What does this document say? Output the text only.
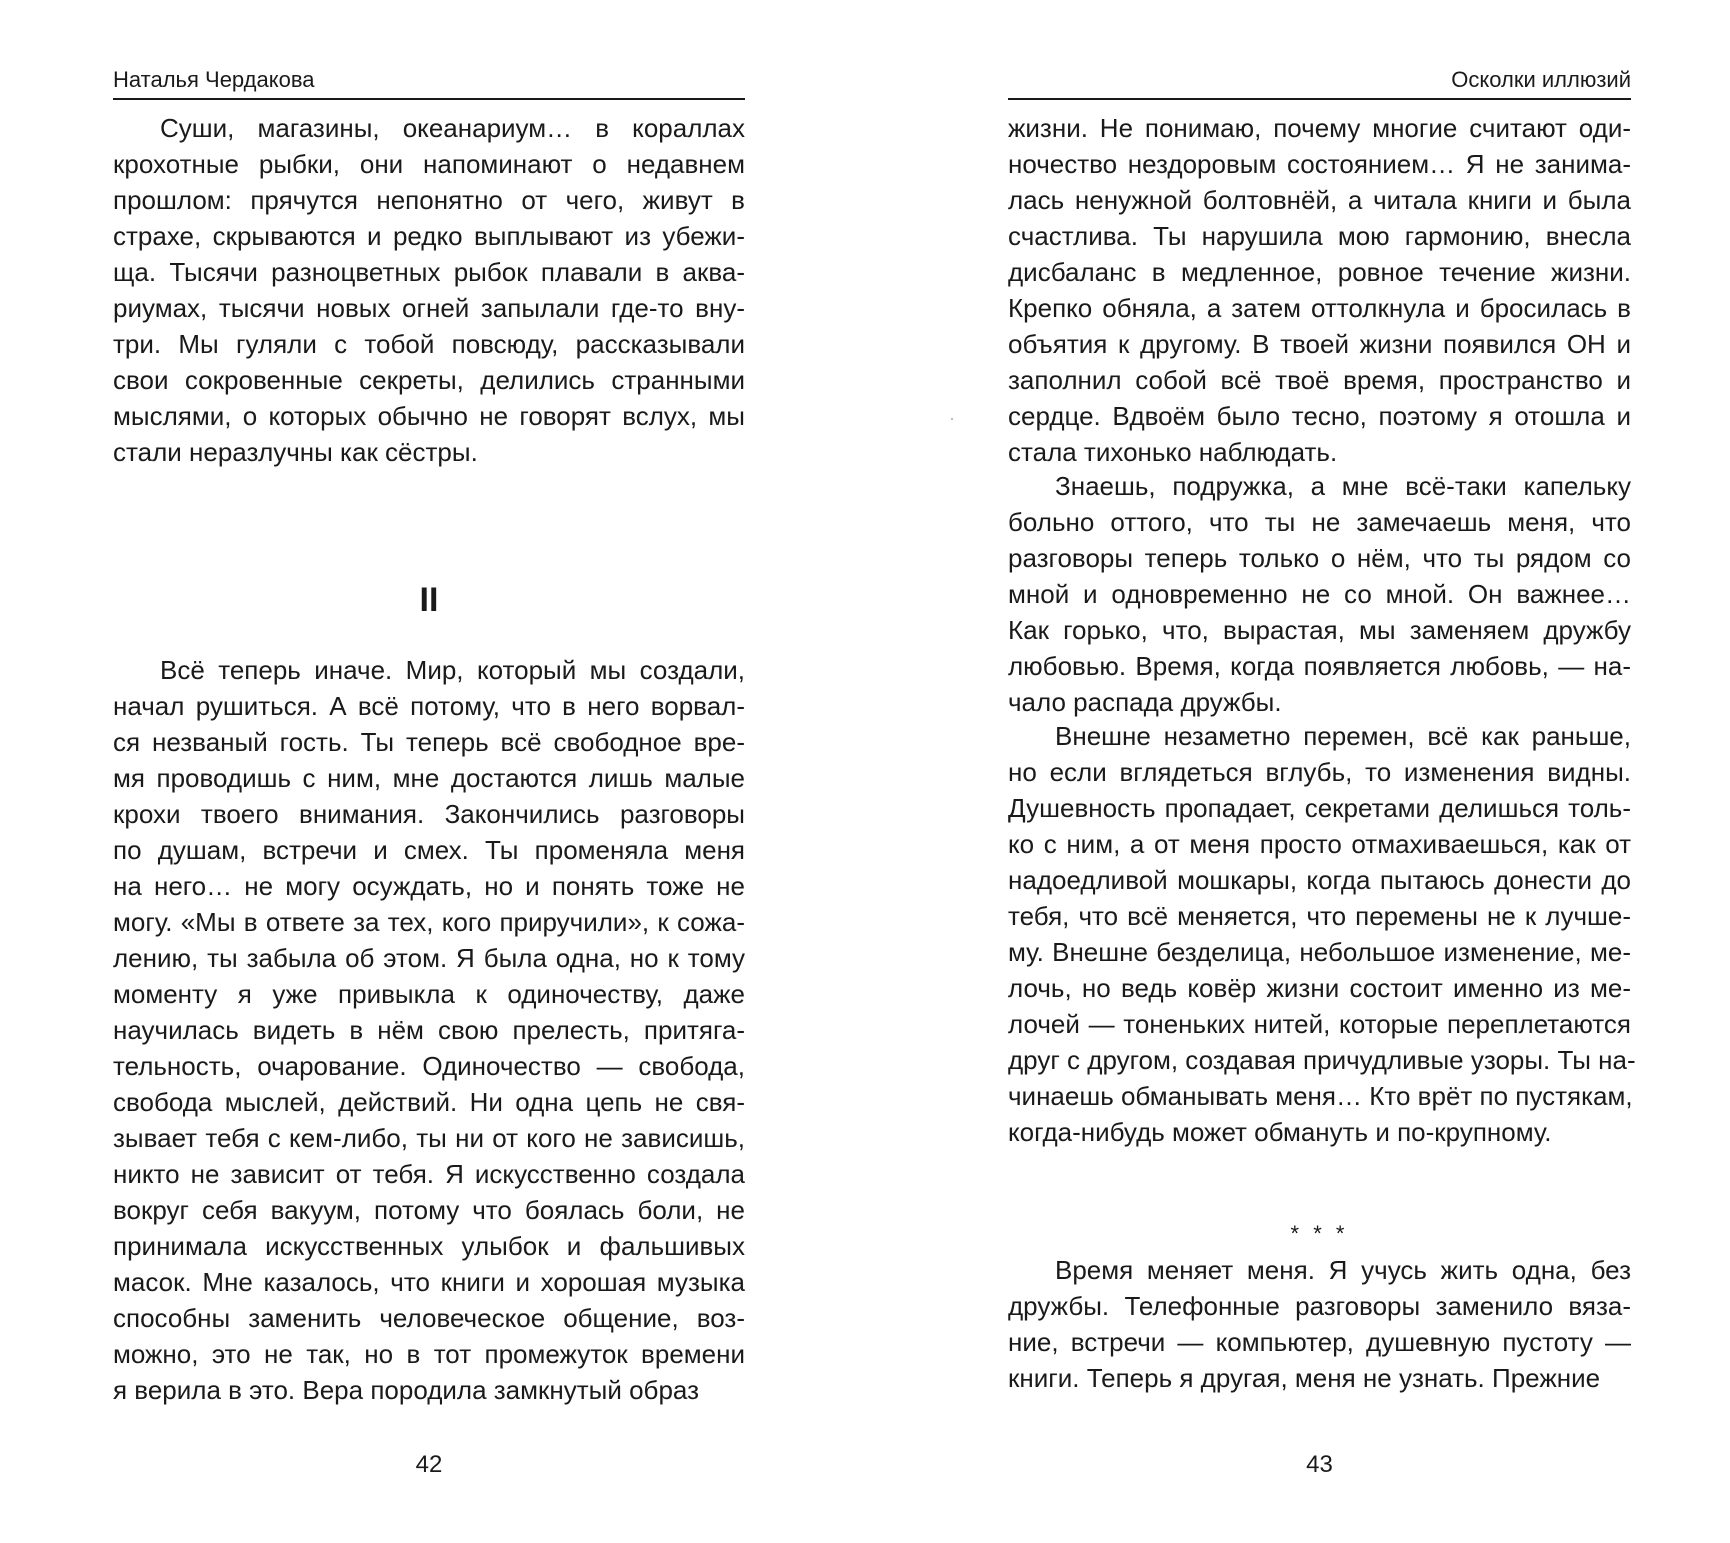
Наталья Чердакова

Суши, магазины, океанариум… в кораллах
крохотные рыбки, они напоминают о недавнем
прошлом: прячутся непонятно от чего, живут в
страхе, скрываются и редко выплывают из убежи-
ща. Тысячи разноцветных рыбок плавали в аква-
риумах, тысячи новых огней запылали где-то вну-
три. Мы гуляли с тобой повсюду, рассказывали
свои сокровенные секреты, делились странными
мыслями, о которых обычно не говорят вслух, мы
стали неразлучны как сёстры.

II

Всё теперь иначе. Мир, который мы создали,
начал рушиться. А всё потому, что в него ворвал-
ся незваный гость. Ты теперь всё свободное вре-
мя проводишь с ним, мне достаются лишь малые
крохи твоего внимания. Закончились разговоры
по душам, встречи и смех. Ты променяла меня
на него… не могу осуждать, но и понять тоже не
могу. «Мы в ответе за тех, кого приручили», к сожа-
лению, ты забыла об этом. Я была одна, но к тому
моменту я уже привыкла к одиночеству, даже
научилась видеть в нём свою прелесть, притяга-
тельность, очарование. Одиночество — свобода,
свобода мыслей, действий. Ни одна цепь не свя-
зывает тебя с кем-либо, ты ни от кого не зависишь,
никто не зависит от тебя. Я искусственно создала
вокруг себя вакуум, потому что боялась боли, не
принимала искусственных улыбок и фальшивых
масок. Мне казалось, что книги и хорошая музыка
способны заменить человеческое общение, воз-
можно, это не так, но в тот промежуток времени
я верила в это. Вера породила замкнутый образ

42
Осколки иллюзий

жизни. Не понимаю, почему многие считают оди-
ночество нездоровым состоянием… Я не занима-
лась ненужной болтовнёй, а читала книги и была
счастлива. Ты нарушила мою гармонию, внесла
дисбаланс в медленное, ровное течение жизни.
Крепко обняла, а затем оттолкнула и бросилась в
объятия к другому. В твоей жизни появился ОН и
заполнил собой всё твоё время, пространство и
сердце. Вдвоём было тесно, поэтому я отошла и
стала тихонько наблюдать.

Знаешь, подружка, а мне всё-таки капельку
больно оттого, что ты не замечаешь меня, что
разговоры теперь только о нём, что ты рядом со
мной и одновременно не со мной. Он важнее…
Как горько, что, вырастая, мы заменяем дружбу
любовью. Время, когда появляется любовь, — на-
чало распада дружбы.

Внешне незаметно перемен, всё как раньше,
но если вглядеться вглубь, то изменения видны.
Душевность пропадает, секретами делишься толь-
ко с ним, а от меня просто отмахиваешься, как от
надоедливой мошкары, когда пытаюсь донести до
тебя, что всё меняется, что перемены не к лучше-
му. Внешне безделица, небольшое изменение, ме-
лочь, но ведь ковёр жизни состоит именно из ме-
лочей — тоненьких нитей, которые переплетаются
друг с другом, создавая причудливые узоры. Ты на-
чинаешь обманывать меня… Кто врёт по пустякам,
когда-нибудь может обмануть и по-крупному.

* * *

Время меняет меня. Я учусь жить одна, без
дружбы. Телефонные разговоры заменило вяза-
ние, встречи — компьютер, душевную пустоту —
книги. Теперь я другая, меня не узнать. Прежние

43
